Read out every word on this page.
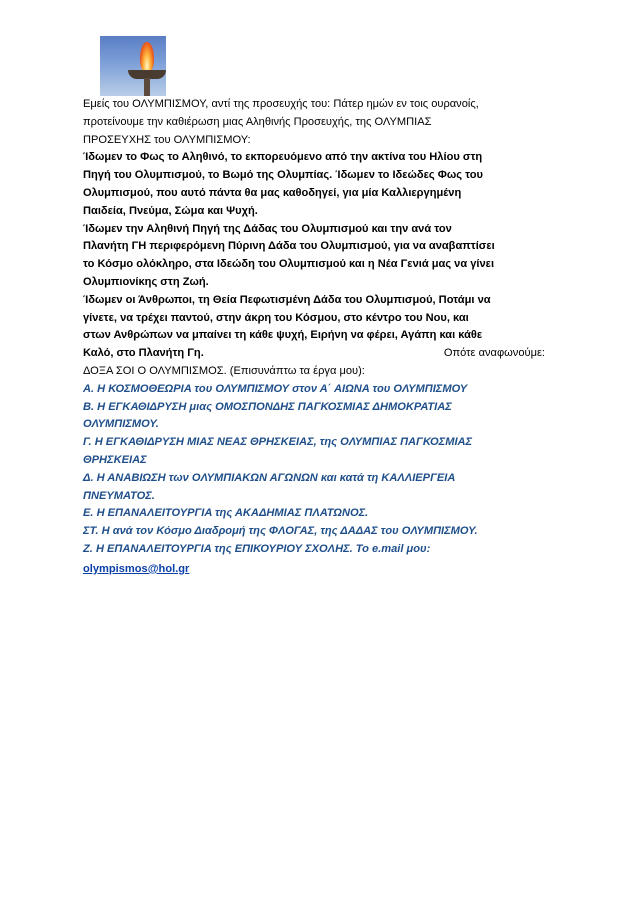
Εμείς του ΟΛΥΜΠΙΣΜΟΥ, αντί της προσευχής του: Πάτερ ημών εν τοις ουρανοίς,

προτείνουμε την καθιέρωση μιας Αληθινής Προσευχής, της ΟΛΥΜΠΙΑΣ

ΠΡΟΣΕΥΧΗΣ του ΟΛΥΜΠΙΣΜΟΥ:

Ίδωμεν το Φως το Αληθινό, το εκπορευόμενο από την ακτίνα του Ηλίου στη

Πηγή του Ολυμπισμού, το Βωμό της Ολυμπίας. Ίδωμεν το Ιδεώδες Φως του

Ολυμπισμού, που αυτό πάντα θα μας καθοδηγεί, για μία Καλλιεργημένη

Παιδεία, Πνεύμα, Σώμα και Ψυχή.

Ίδωμεν την Αληθινή Πηγή της Δάδας του Ολυμπισμού και την ανά τον

Πλανήτη ΓΗ περιφερόμενη Πύρινη Δάδα του Ολυμπισμού, για να αναβαπτίσει

το Κόσμο ολόκληρο, στα Ιδεώδη του Ολυμπισμού και η Νέα Γενιά μας να γίνει

Ολυμπιονίκης στη Ζωή.

Ίδωμεν οι Άνθρωποι, τη Θεία Πεφωτισμένη Δάδα του Ολυμπισμού, Ποτάμι να

γίνετε, να τρέχει παντού, στην άκρη του Κόσμου, στο κέντρο του Νου, και

στων Ανθρώπων να μπαίνει τη κάθε ψυχή, Ειρήνη να φέρει, Αγάπη και κάθε

Καλό, στο Πλανήτη Γη.	Οπότε αναφωνούμε:

ΔΟΞΑ ΣΟΙ Ο ΟΛΥΜΠΙΣΜΟΣ. (Επισυνάπτω τα έργα μου):

Α. Η ΚΟΣΜΟΘΕΩΡΙΑ του ΟΛΥΜΠΙΣΜΟΥ στον Α΄ ΑΙΩΝΑ του ΟΛΥΜΠΙΣΜΟΥ

Β. Η ΕΓΚΑΘΙΔΡΥΣΗ μιας ΟΜΟΣΠΟΝΔΗΣ ΠΑΓΚΟΣΜΙΑΣ ΔΗΜΟΚΡΑΤΙΑΣ

ΟΛΥΜΠΙΣΜΟΥ.

Γ. Η ΕΓΚΑΘΙΔΡΥΣΗ ΜΙΑΣ ΝΕΑΣ ΘΡΗΣΚΕΙΑΣ, της ΟΛΥΜΠΙΑΣ ΠΑΓΚΟΣΜΙΑΣ

ΘΡΗΣΚΕΙΑΣ

Δ. Η ΑΝΑΒΙΩΣΗ των ΟΛΥΜΠΙΑΚΩΝ ΑΓΩΝΩΝ και κατά τη ΚΑΛΛΙΕΡΓΕΙΑ

ΠΝΕΥΜΑΤΟΣ.

Ε. Η ΕΠΑΝΑΛΕΙΤΟΥΡΓΙΑ της ΑΚΑΔΗΜΙΑΣ ΠΛΑΤΩΝΟΣ.

ΣΤ. Η ανά τον Κόσμο Διαδρομή της ΦΛΟΓΑΣ, της ΔΑΔΑΣ του ΟΛΥΜΠΙΣΜΟΥ.

Ζ. Η ΕΠΑΝΑΛΕΙΤΟΥΡΓΙΑ της ΕΠΙΚΟΥΡΙΟΥ ΣΧΟΛΗΣ. Το e.mail μου:

olympismos@hol.gr
